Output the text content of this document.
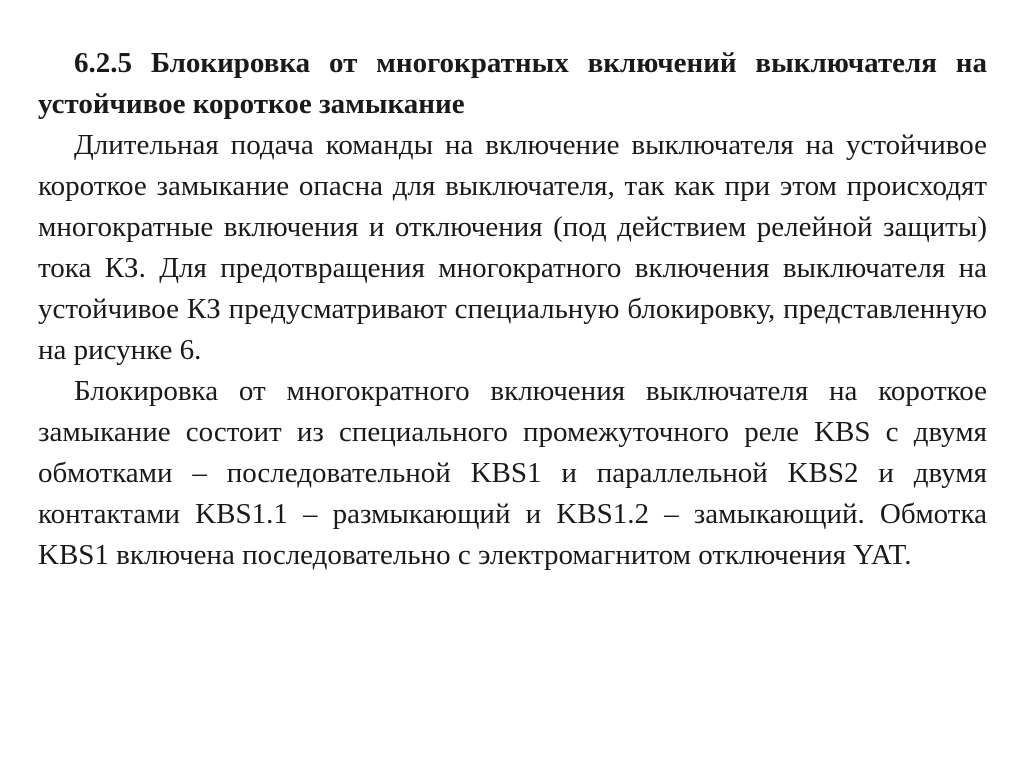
6.2.5 Блокировка от многократных включений выключателя на устойчивое короткое замыкание

Длительная подача команды на включение выключателя на устойчивое короткое замыкание опасна для выключателя, так как при этом происходят многократные включения и отключения (под действием релейной защиты) тока КЗ. Для предотвращения многократного включения выключателя на устойчивое КЗ предусматривают специальную блокировку, представленную на рисунке 6.

Блокировка от многократного включения выключателя на короткое замыкание состоит из специального промежуточного реле KBS с двумя обмотками – последовательной KBS1 и параллельной KBS2 и двумя контактами KBS1.1 – размыкающий и KBS1.2 – замыкающий. Обмотка KBS1 включена последовательно с электромагнитом отключения YAT.
